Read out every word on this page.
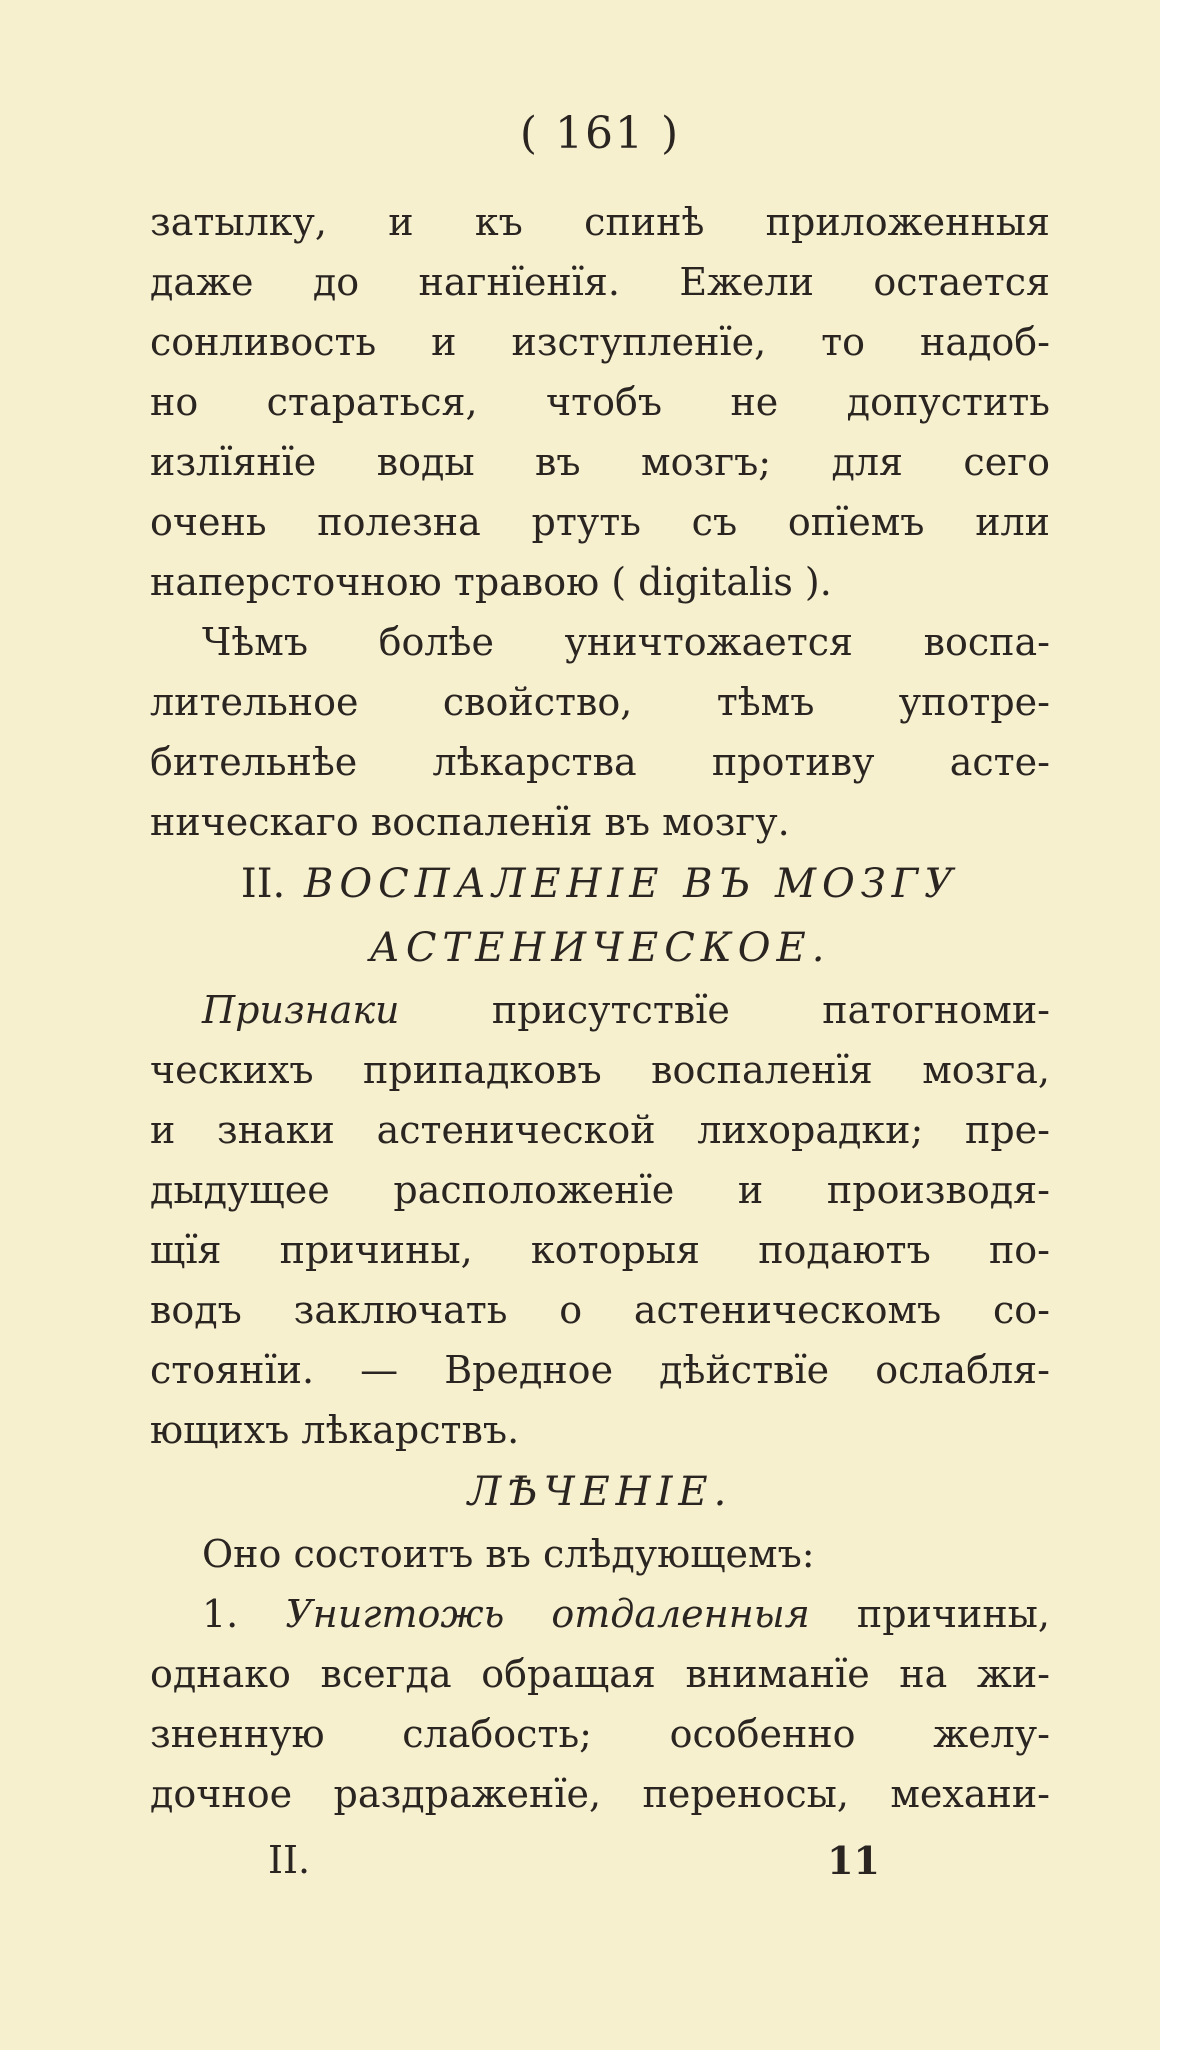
( 161 )
затылку, и къ спинѣ приложенныя
даже до нагнїенїя. Ежели остается
сонливость и изступленїе, то надоб-
но стараться, чтобъ не допустить
излїянїе воды въ мозгъ; для сего
очень полезна ртуть съ опїемъ или
наперсточною травою ( digitalis ).
Чѣмъ болѣе уничтожается воспа-
лительное свойство, тѣмъ употре-
бительнѣе лѣкарства противу асте-
ническаго воспаленїя въ мозгу.
II. ВОСПАЛЕНIЕ ВЪ МОЗГУ
АСТЕНИЧЕСКОЕ.
Признаки присутствїе патогноми-
ческихъ припадковъ воспаленїя мозга,
и знаки астенической лихорадки; пре-
дыдущее расположенїе и производя-
щїя причины, которыя подаютъ по-
водъ заключать о астеническомъ со-
стоянїи. — Вредное дѣйствїе ослабля-
ющихъ лѣкарствъ.
ЛѢЧЕНIЕ.
Оно состоитъ въ слѣдующемъ:
1. Унигтожь отдаленныя причины,
однако всегда обращая вниманїе на жи-
зненную слабость; особенно желу-
дочное раздраженїе, переносы, механи-
II.	11
